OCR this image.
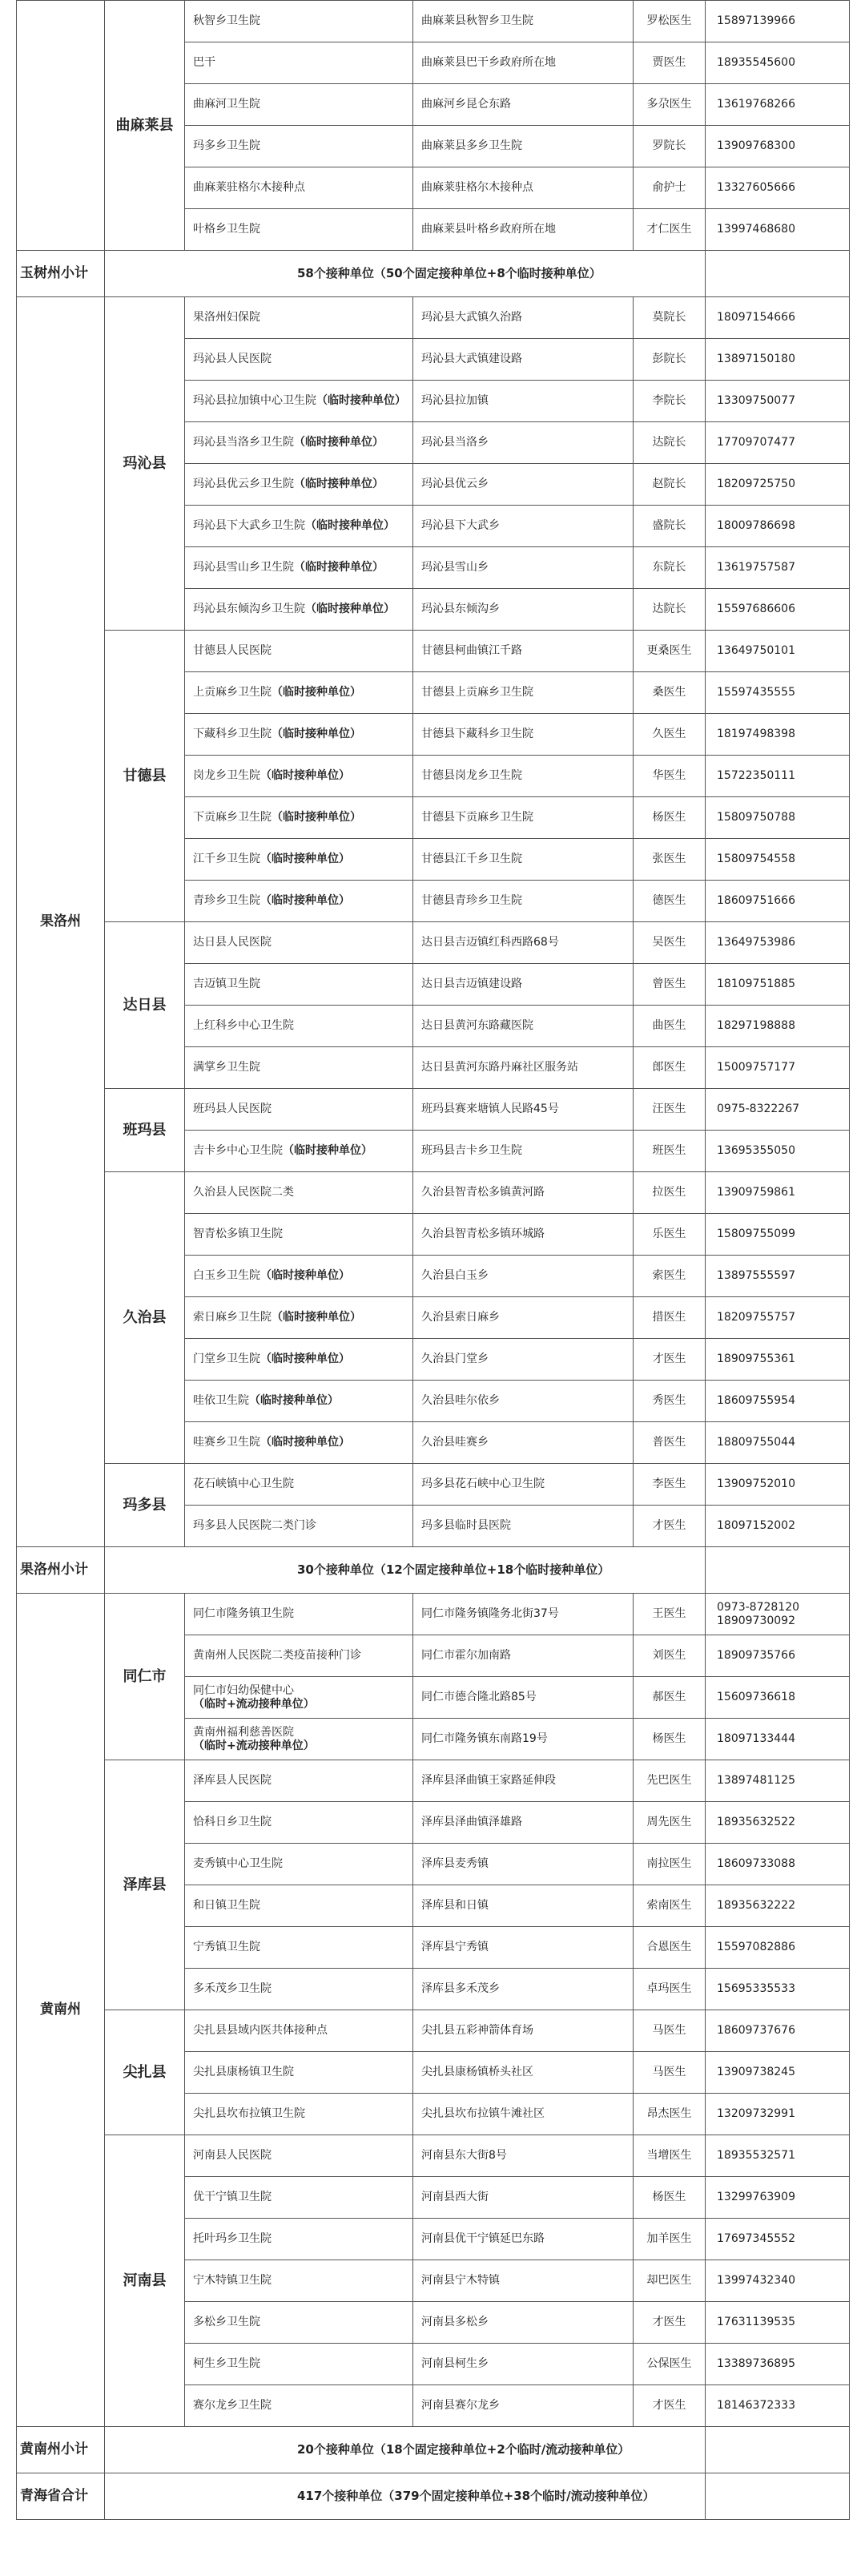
	曲麻莱县	秋智乡卫生院	曲麻莱县秋智乡卫生院	罗松医生	15897139966

		巴干	曲麻莱县巴干乡政府所在地	贾医生	18935545600

		曲麻河卫生院	曲麻河乡昆仑东路	多尕医生	13619768266

		玛多乡卫生院	曲麻莱县多乡卫生院	罗院长	13909768300

		曲麻莱驻格尔木接种点	曲麻莱驻格尔木接种点	俞护士	13327605666

		叶格乡卫生院	曲麻莱县叶格乡政府所在地	才仁医生	13997468680

玉树州小计	58个接种单位（50个固定接种单位+8个临时接种单位）				
果洛州	玛沁县	果洛州妇保院	玛沁县大武镇久治路	莫院长	18097154666

		玛沁县人民医院	玛沁县大武镇建设路	彭院长	13897150180

		玛沁县拉加镇中心卫生院（临时接种单位）	玛沁县拉加镇	李院长	13309750077

		玛沁县当洛乡卫生院（临时接种单位）	玛沁县当洛乡	达院长	17709707477

		玛沁县优云乡卫生院（临时接种单位）	玛沁县优云乡	赵院长	18209725750

		玛沁县下大武乡卫生院（临时接种单位）	玛沁县下大武乡	盛院长	18009786698

		玛沁县雪山乡卫生院（临时接种单位）	玛沁县雪山乡	东院长	13619757587

		玛沁县东倾沟乡卫生院（临时接种单位）	玛沁县东倾沟乡	达院长	15597686606

	甘德县	甘德县人民医院	甘德县柯曲镇江千路	更桑医生	13649750101

		上贡麻乡卫生院（临时接种单位）	甘德县上贡麻乡卫生院	桑医生	15597435555

		下藏科乡卫生院（临时接种单位）	甘德县下藏科乡卫生院	久医生	18197498398

		岗龙乡卫生院（临时接种单位）	甘德县岗龙乡卫生院	华医生	15722350111

		下贡麻乡卫生院（临时接种单位）	甘德县下贡麻乡卫生院	杨医生	15809750788

		江千乡卫生院（临时接种单位）	甘德县江千乡卫生院	张医生	15809754558

		青珍乡卫生院（临时接种单位）	甘德县青珍乡卫生院	德医生	18609751666

	达日县	达日县人民医院	达日县吉迈镇红科西路68号	吴医生	13649753986

		吉迈镇卫生院	达日县吉迈镇建设路	曾医生	18109751885

		上红科乡中心卫生院	达日县黄河东路藏医院	曲医生	18297198888

		满掌乡卫生院	达日县黄河东路丹麻社区服务站	郎医生	15009757177

	班玛县	班玛县人民医院	班玛县赛来塘镇人民路45号	汪医生	0975-8322267

		吉卡乡中心卫生院（临时接种单位）	班玛县吉卡乡卫生院	班医生	13695355050

	久治县	久治县人民医院二类	久治县智青松多镇黄河路	拉医生	13909759861

		智青松多镇卫生院	久治县智青松多镇环城路	乐医生	15809755099

		白玉乡卫生院（临时接种单位）	久治县白玉乡	索医生	13897555597

		索日麻乡卫生院（临时接种单位）	久治县索日麻乡	措医生	18209755757

		门堂乡卫生院（临时接种单位）	久治县门堂乡	才医生	18909755361

		哇依卫生院（临时接种单位）	久治县哇尔依乡	秀医生	18609755954

		哇赛乡卫生院（临时接种单位）	久治县哇赛乡	普医生	18809755044

	玛多县	花石峡镇中心卫生院	玛多县花石峡中心卫生院	李医生	13909752010

		玛多县人民医院二类门诊	玛多县临时县医院	才医生	18097152002

果洛州小计	30个接种单位（12个固定接种单位+18个临时接种单位）				
黄南州	同仁市	同仁市隆务镇卫生院	同仁市隆务镇隆务北街37号	王医生	0973-8728120
18909730092

		黄南州人民医院二类疫苗接种门诊	同仁市霍尔加南路	刘医生	18909735766

		同仁市妇幼保健中心（临时+流动接种单位）	同仁市德合隆北路85号	郝医生	15609736618

		黄南州福利慈善医院（临时+流动接种单位）	同仁市隆务镇东南路19号	杨医生	18097133444

	泽库县	泽库县人民医院	泽库县泽曲镇王家路延伸段	先巴医生	13897481125

		恰科日乡卫生院	泽库县泽曲镇泽雄路	周先医生	18935632522

		麦秀镇中心卫生院	泽库县麦秀镇	南拉医生	18609733088

		和日镇卫生院	泽库县和日镇	索南医生	18935632222

		宁秀镇卫生院	泽库县宁秀镇	合恩医生	15597082886

		多禾茂乡卫生院	泽库县多禾茂乡	卓玛医生	15695335533

	尖扎县	尖扎县县域内医共体接种点	尖扎县五彩神箭体育场	马医生	18609737676

		尖扎县康杨镇卫生院	尖扎县康杨镇桥头社区	马医生	13909738245

		尖扎县坎布拉镇卫生院	尖扎县坎布拉镇牛滩社区	昂杰医生	13209732991

	河南县	河南县人民医院	河南县东大街8号	当增医生	18935532571

		优干宁镇卫生院	河南县西大街	杨医生	13299763909

		托叶玛乡卫生院	河南县优干宁镇延巴东路	加羊医生	17697345552

		宁木特镇卫生院	河南县宁木特镇	却巴医生	13997432340

		多松乡卫生院	河南县多松乡	才医生	17631139535

		柯生乡卫生院	河南县柯生乡	公保医生	13389736895

		赛尔龙乡卫生院	河南县赛尔龙乡	才医生	18146372333

黄南州小计	20个接种单位（18个固定接种单位+2个临时/流动接种单位）				
青海省合计	417个接种单位（379个固定接种单位+38个临时/流动接种单位）				
